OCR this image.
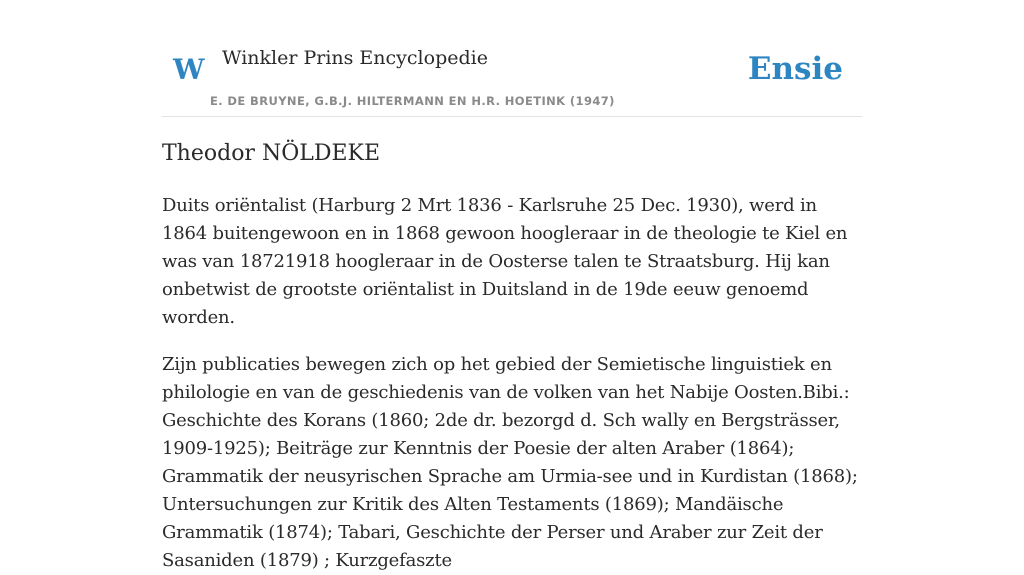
W Winkler Prins Encyclopedie
E. DE BRUYNE, G.B.J. HILTERMANN EN H.R. HOETINK (1947)
Ensie
Theodor NÖLDEKE

Duits oriëntalist (Harburg 2 Mrt 1836 - Karlsruhe 25 Dec. 1930), werd in 1864 buitengewoon en in 1868 gewoon hoogleraar in de theologie te Kiel en was van 18721918 hoogleraar in de Oosterse talen te Straatsburg. Hij kan onbetwist de grootste oriëntalist in Duitsland in de 19de eeuw genoemd worden.

Zijn publicaties bewegen zich op het gebied der Semietische linguistiek en philologie en van de geschiedenis van de volken van het Nabije Oosten.Bibi.: Geschichte des Korans (1860; 2de dr. bezorgd d. Sch wally en Bergsträsser, 1909-1925); Beiträge zur Kenntnis der Poesie der alten Araber (1864); Grammatik der neusyrischen Sprache am Urmia-see und in Kurdistan (1868); Untersuchungen zur Kritik des Alten Testaments (1869); Mandäische Grammatik (1874); Tabari, Geschichte der Perser und Araber zur Zeit der Sasaniden (1879) ; Kurzgefaszte
